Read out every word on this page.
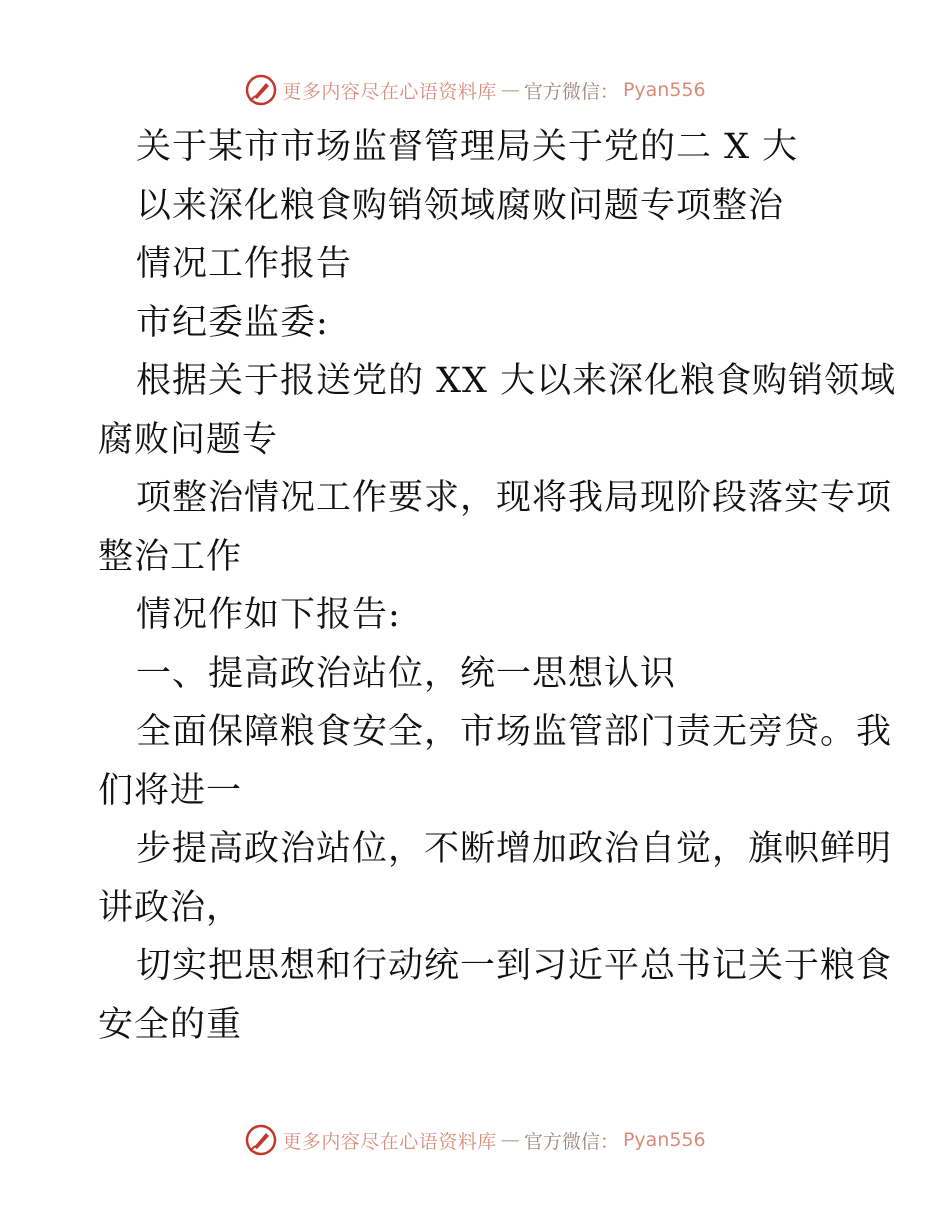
更多内容尽在心语资料库 — 官方微信： Pyan556
关于某市市场监督管理局关于党的二 X 大
以来深化粮食购销领域腐败问题专项整治
情况工作报告
市纪委监委:
根据关于报送党的 XX 大以来深化粮食购销领域
腐败问题专
项整治情况工作要求，现将我局现阶段落实专项
整治工作
情况作如下报告:
一、提高政治站位，统一思想认识
全面保障粮食安全，市场监管部门责无旁贷。我
们将进一
步提高政治站位，不断增加政治自觉，旗帜鲜明
讲政治，
切实把思想和行动统一到习近平总书记关于粮食
安全的重
更多内容尽在心语资料库 — 官方微信： Pyan556
